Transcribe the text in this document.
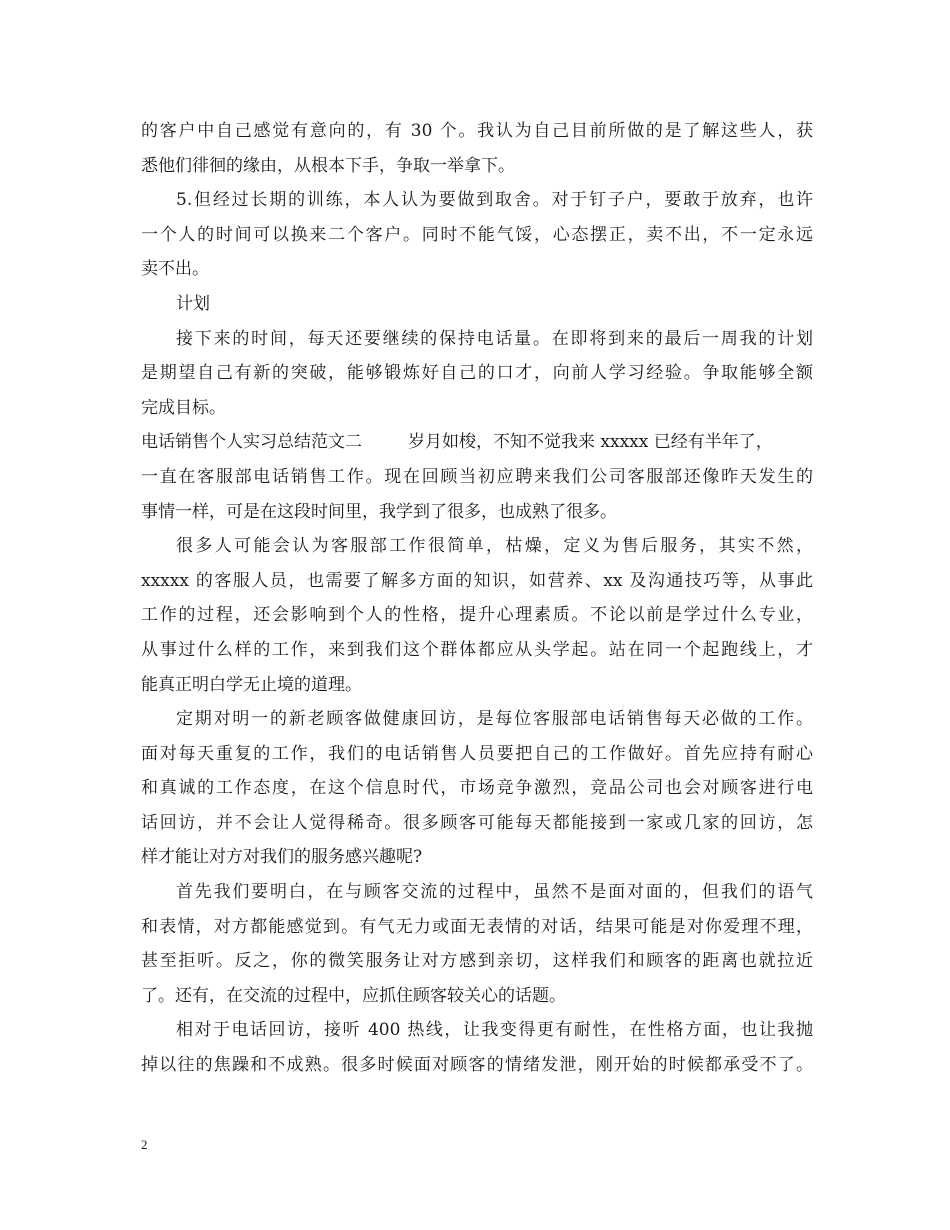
的客户中自己感觉有意向的，有 30 个。我认为自己目前所做的是了解这些人，获
悉他们徘徊的缘由，从根本下手，争取一举拿下。
5.但经过长期的训练，本人认为要做到取舍。对于钉子户，要敢于放弃，也许
一个人的时间可以换来二个客户。同时不能气馁，心态摆正，卖不出，不一定永远
卖不出。
计划
接下来的时间，每天还要继续的保持电话量。在即将到来的最后一周我的计划
是期望自己有新的突破，能够锻炼好自己的口才，向前人学习经验。争取能够全额
完成目标。
电话销售个人实习总结范文二	岁月如梭，不知不觉我来 xxxxx 已经有半年了，
一直在客服部电话销售工作。现在回顾当初应聘来我们公司客服部还像昨天发生的
事情一样，可是在这段时间里，我学到了很多，也成熟了很多。
很多人可能会认为客服部工作很简单，枯燥，定义为售后服务，其实不然，
xxxxx 的客服人员，也需要了解多方面的知识，如营养、xx 及沟通技巧等，从事此
工作的过程，还会影响到个人的性格，提升心理素质。不论以前是学过什么专业，
从事过什么样的工作，来到我们这个群体都应从头学起。站在同一个起跑线上，才
能真正明白学无止境的道理。
定期对明一的新老顾客做健康回访，是每位客服部电话销售每天必做的工作。
面对每天重复的工作，我们的电话销售人员要把自己的工作做好。首先应持有耐心
和真诚的工作态度，在这个信息时代，市场竞争激烈，竞品公司也会对顾客进行电
话回访，并不会让人觉得稀奇。很多顾客可能每天都能接到一家或几家的回访，怎
样才能让对方对我们的服务感兴趣呢?
首先我们要明白，在与顾客交流的过程中，虽然不是面对面的，但我们的语气
和表情，对方都能感觉到。有气无力或面无表情的对话，结果可能是对你爱理不理，
甚至拒听。反之，你的微笑服务让对方感到亲切，这样我们和顾客的距离也就拉近
了。还有，在交流的过程中，应抓住顾客较关心的话题。
相对于电话回访，接听 400 热线，让我变得更有耐性，在性格方面，也让我抛
掉以往的焦躁和不成熟。很多时候面对顾客的情绪发泄，刚开始的时候都承受不了。
2
